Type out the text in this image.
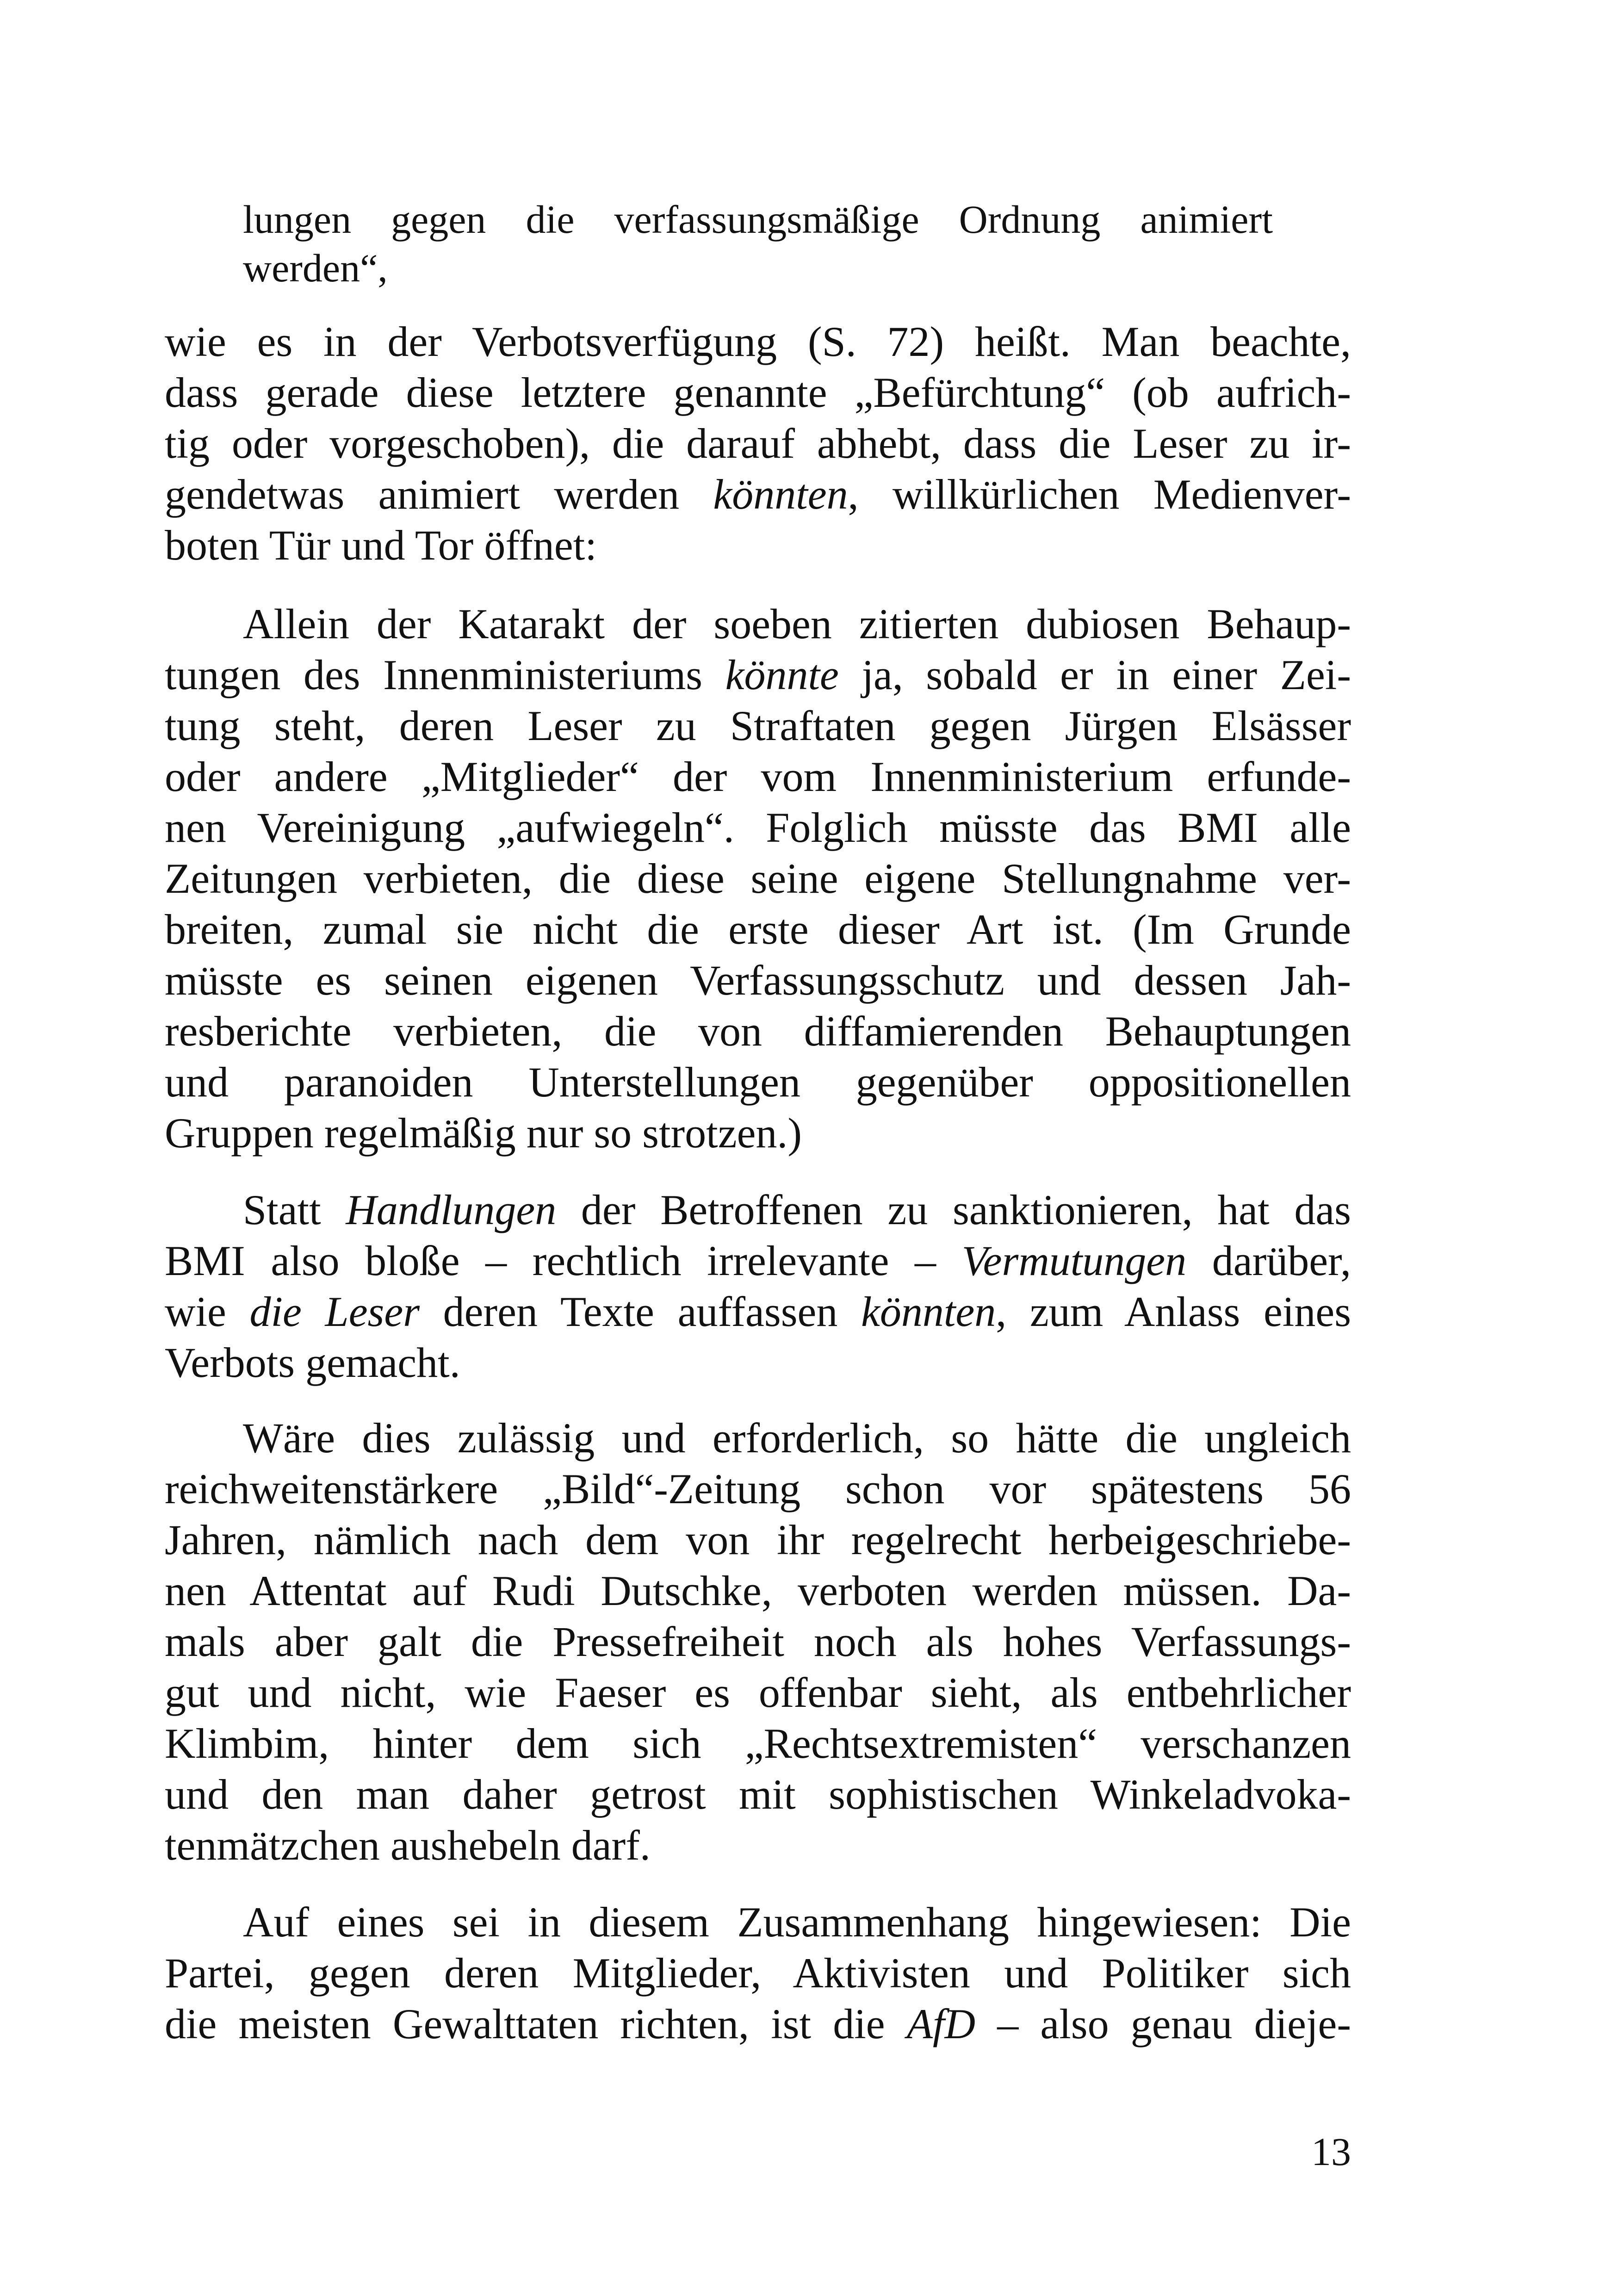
lungen gegen die verfassungsmäßige Ordnung animiert
werden“,
wie es in der Verbotsverfügung (S. 72) heißt. Man beachte,
dass gerade diese letztere genannte „Befürchtung“ (ob aufrich-
tig oder vorgeschoben), die darauf abhebt, dass die Leser zu ir-
gendetwas animiert werden könnten, willkürlichen Medienver-
boten Tür und Tor öffnet:
Allein der Katarakt der soeben zitierten dubiosen Behaup-
tungen des Innenministeriums könnte ja, sobald er in einer Zei-
tung steht, deren Leser zu Straftaten gegen Jürgen Elsässer
oder andere „Mitglieder“ der vom Innenministerium erfunde-
nen Vereinigung „aufwiegeln“. Folglich müsste das BMI alle
Zeitungen verbieten, die diese seine eigene Stellungnahme ver-
breiten, zumal sie nicht die erste dieser Art ist. (Im Grunde
müsste es seinen eigenen Verfassungsschutz und dessen Jah-
resberichte verbieten, die von diffamierenden Behauptungen
und paranoiden Unterstellungen gegenüber oppositionellen
Gruppen regelmäßig nur so strotzen.)
Statt Handlungen der Betroffenen zu sanktionieren, hat das
BMI also bloße – rechtlich irrelevante – Vermutungen darüber,
wie die Leser deren Texte auffassen könnten, zum Anlass eines
Verbots gemacht.
Wäre dies zulässig und erforderlich, so hätte die ungleich
reichweitenstärkere „Bild“-Zeitung schon vor spätestens 56
Jahren, nämlich nach dem von ihr regelrecht herbeigeschriebe-
nen Attentat auf Rudi Dutschke, verboten werden müssen. Da-
mals aber galt die Pressefreiheit noch als hohes Verfassungs-
gut und nicht, wie Faeser es offenbar sieht, als entbehrlicher
Klimbim, hinter dem sich „Rechtsextremisten“ verschanzen
und den man daher getrost mit sophistischen Winkeladvoka-
tenmätzchen aushebeln darf.
Auf eines sei in diesem Zusammenhang hingewiesen: Die
Partei, gegen deren Mitglieder, Aktivisten und Politiker sich
die meisten Gewalttaten richten, ist die AfD – also genau dieje-
13
